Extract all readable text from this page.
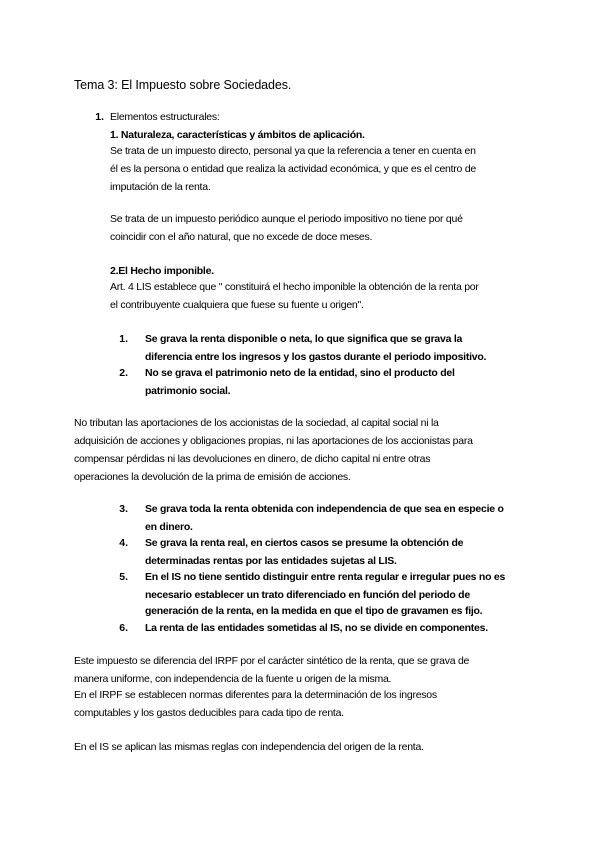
Tema 3: El Impuesto sobre Sociedades.
1. Elementos estructurales:
1. Naturaleza, características y ámbitos de aplicación.
Se trata de un impuesto directo, personal ya que la referencia a tener en cuenta en
él es la persona o entidad que realiza la actividad económica, y que es el centro de
imputación de la renta.
Se trata de un impuesto periódico aunque el periodo impositivo no tiene por qué
coincidir con el año natural, que no excede de doce meses.
2.El Hecho imponible.
Art. 4 LIS establece que " constituirá el hecho imponible la obtención de la renta por
el contribuyente cualquiera que fuese su fuente u origen".
1. Se grava la renta disponible o neta, lo que significa que se grava la
diferencia entre los ingresos y los gastos durante el periodo impositivo.
2. No se grava el patrimonio neto de la entidad, sino el producto del
patrimonio social.
No tributan las aportaciones de los accionistas de la sociedad, al capital social ni la
adquisición de acciones y obligaciones propias, ni las aportaciones de los accionistas para
compensar pérdidas ni las devoluciones en dinero, de dicho capital ni entre otras
operaciones la devolución de la prima de emisión de acciones.
3. Se grava toda la renta obtenida con independencia de que sea en especie o
en dinero.
4. Se grava la renta real, en ciertos casos se presume la obtención de
determinadas rentas por las entidades sujetas al LIS.
5. En el IS no tiene sentido distinguir entre renta regular e irregular pues no es
necesario establecer un trato diferenciado en función del periodo de
generación de la renta, en la medida en que el tipo de gravamen es fijo.
6. La renta de las entidades sometidas al IS, no se divide en componentes.
Este impuesto se diferencia del IRPF por el carácter sintético de la renta, que se grava de
manera uniforme, con independencia de la fuente u origen de la misma.
En el IRPF se establecen normas diferentes para la determinación de los ingresos
computables y los gastos deducibles para cada tipo de renta.
En el IS se aplican las mismas reglas con independencia del origen de la renta.
